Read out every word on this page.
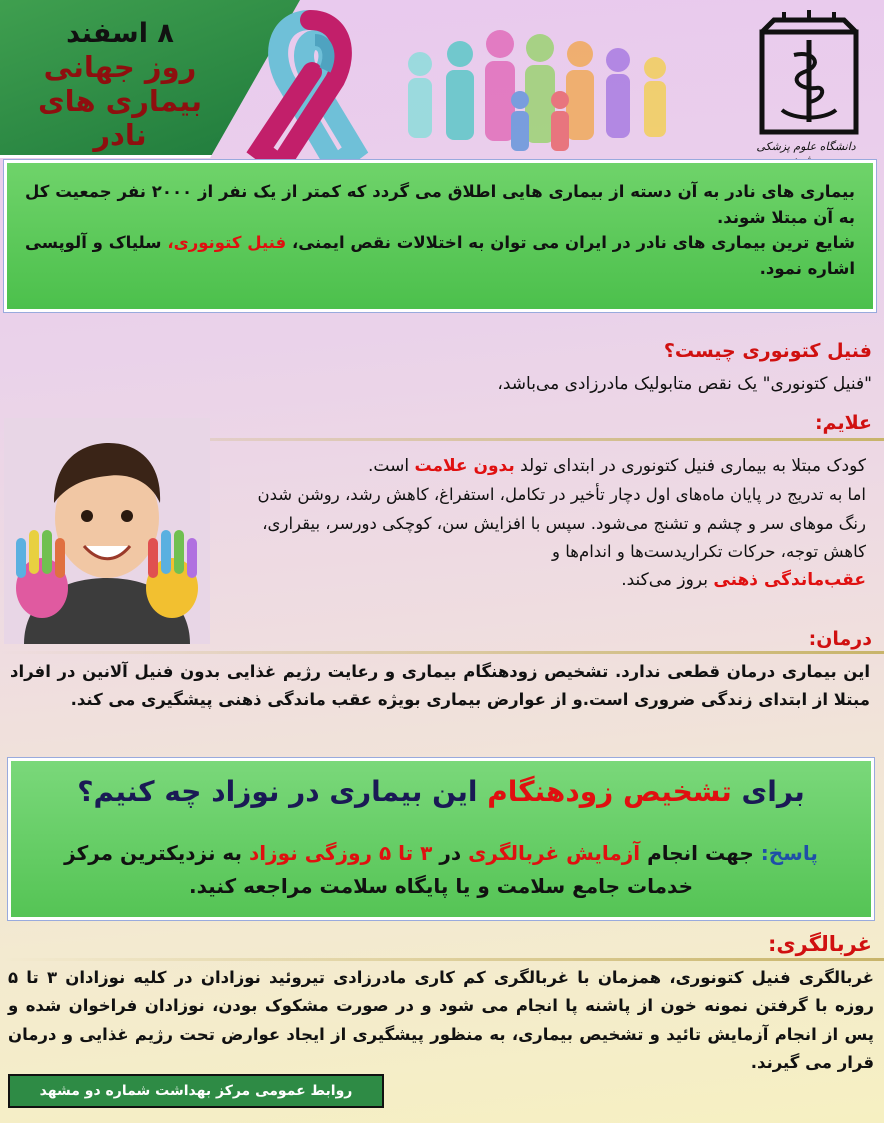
۸ اسفند
روز جهانی
بیماری های نادر	دانشگاه علوم پزشکی
بیماری های نادر به آن دسته از بیماری هایی اطلاق می گردد که کمتر از یک نفر از ۲۰۰۰ نفر جمعیت کل به آن مبتلا شوند.
شایع ترین بیماری های نادر در ایران می توان به اختلالات نقص ایمنی، فنیل کتونوری، سلیاک و آلوپسی اشاره نمود.
فنیل کتونوری چیست؟
"فنیل کتونوری" یک نقص متابولیک مادرزادی می‌باشد،
علایم:
کودک مبتلا به بیماری فنیل کتونوری در ابتدای تولد بدون علامت است.
اما به تدریج در پایان ماه‌های اول دچار تأخیر در تکامل، استفراغ، کاهش رشد، روشن شدن رنگ موهای سر و چشم و تشنج می‌شود. سپس با افزایش سن، کوچکی دورسر، بیقراری، کاهش توجه، حرکات تکراریدست‌ها و اندام‌ها و
عقب‌ماندگی ذهنی بروز می‌کند.
درمان:
این بیماری درمان قطعی ندارد. تشخیص زودهنگام بیماری و رعایت رژیم غذایی بدون فنیل آلانین در افراد مبتلا از ابتدای زندگی ضروری است.و از عوارض بیماری بویژه عقب ماندگی ذهنی پیشگیری می کند.
برای تشخیص زودهنگام این بیماری در نوزاد چه کنیم؟
پاسخ: جهت انجام آزمایش غربالگری در ۳ تا ۵ روزگی نوزاد به نزدیکترین مرکز خدمات جامع سلامت و یا پایگاه سلامت مراجعه کنید.
غربالگری:
غربالگری فنیل کتونوری، همزمان با غربالگری کم کاری مادرزادی تیروئید نوزادان در کلیه نوزادان ۳ تا ۵ روزه با گرفتن نمونه خون از پاشنه پا انجام می شود و در صورت مشکوک بودن، نوزادان فراخوان شده و پس از انجام آزمایش تائید و تشخیص بیماری، به منظور پیشگیری از ایجاد عوارض تحت رژیم غذایی و درمان قرار می گیرند.
روابط عمومی مرکز بهداشت شماره دو مشهد
